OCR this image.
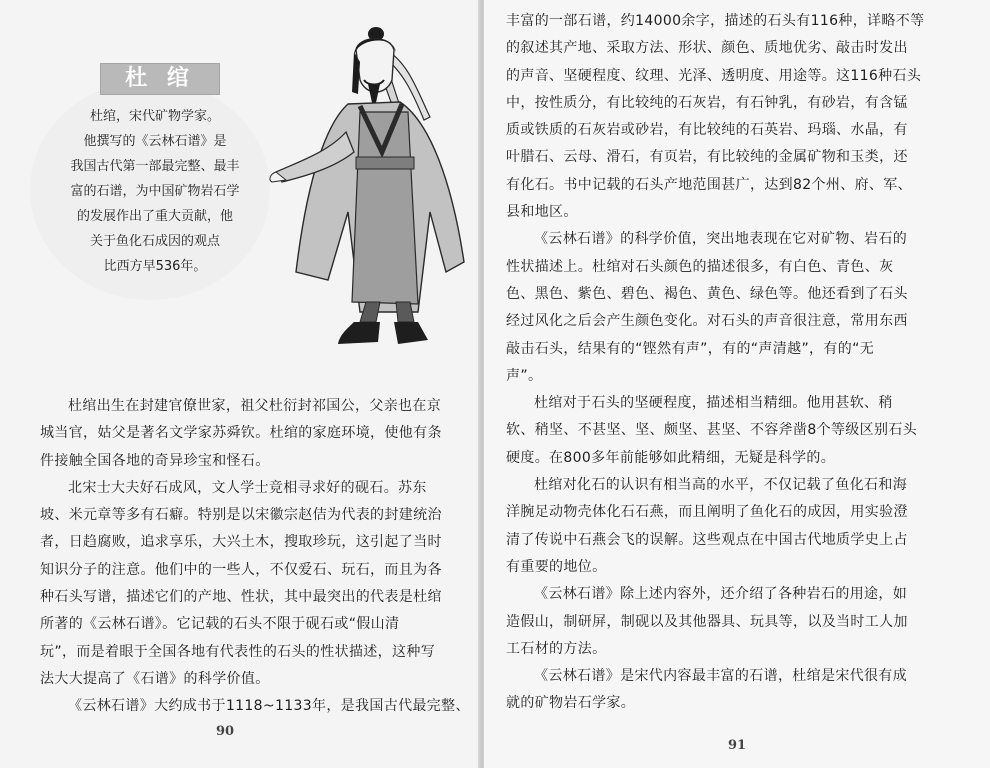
杜 绾
杜绾，宋代矿物学家。
他撰写的《云林石谱》是
我国古代第一部最完整、最丰
富的石谱，为中国矿物岩石学
的发展作出了重大贡献，他
关于鱼化石成因的观点
比西方早536年。
杜绾出生在封建官僚世家，祖父杜衍封祁国公，父亲也在京
城当官，姑父是著名文学家苏舜钦。杜绾的家庭环境，使他有条
件接触全国各地的奇异珍宝和怪石。
北宋士大夫好石成风，文人学士竞相寻求好的砚石。苏东
坡、米元章等多有石癖。特别是以宋徽宗赵佶为代表的封建统治
者，日趋腐败，追求享乐，大兴土木，搜取珍玩，这引起了当时
知识分子的注意。他们中的一些人，不仅爱石、玩石，而且为各
种石头写谱，描述它们的产地、性状，其中最突出的代表是杜绾
所著的《云林石谱》。它记载的石头不限于砚石或“假山清
玩”，而是着眼于全国各地有代表性的石头的性状描述，这种写
法大大提高了《石谱》的科学价值。
《云林石谱》大约成书于1118~1133年，是我国古代最完整、
90
丰富的一部石谱，约14000余字，描述的石头有116种，详略不等
的叙述其产地、采取方法、形状、颜色、质地优劣、敲击时发出
的声音、坚硬程度、纹理、光泽、透明度、用途等。这116种石头
中，按性质分，有比较纯的石灰岩，有石钟乳，有砂岩，有含锰
质或铁质的石灰岩或砂岩，有比较纯的石英岩、玛瑙、水晶，有
叶腊石、云母、滑石，有页岩，有比较纯的金属矿物和玉类，还
有化石。书中记载的石头产地范围甚广，达到82个州、府、军、
县和地区。
《云林石谱》的科学价值，突出地表现在它对矿物、岩石的
性状描述上。杜绾对石头颜色的描述很多，有白色、青色、灰
色、黑色、紫色、碧色、褐色、黄色、绿色等。他还看到了石头
经过风化之后会产生颜色变化。对石头的声音很注意，常用东西
敲击石头，结果有的“铿然有声”，有的“声清越”，有的“无
声”。
杜绾对于石头的坚硬程度，描述相当精细。他用甚软、稍
软、稍坚、不甚坚、坚、颇坚、甚坚、不容斧凿8个等级区别石头
硬度。在800多年前能够如此精细，无疑是科学的。
杜绾对化石的认识有相当高的水平，不仅记载了鱼化石和海
洋腕足动物壳体化石石燕，而且阐明了鱼化石的成因，用实验澄
清了传说中石燕会飞的误解。这些观点在中国古代地质学史上占
有重要的地位。
《云林石谱》除上述内容外，还介绍了各种岩石的用途，如
造假山，制研屏，制砚以及其他器具、玩具等，以及当时工人加
工石材的方法。
《云林石谱》是宋代内容最丰富的石谱，杜绾是宋代很有成
就的矿物岩石学家。
91
